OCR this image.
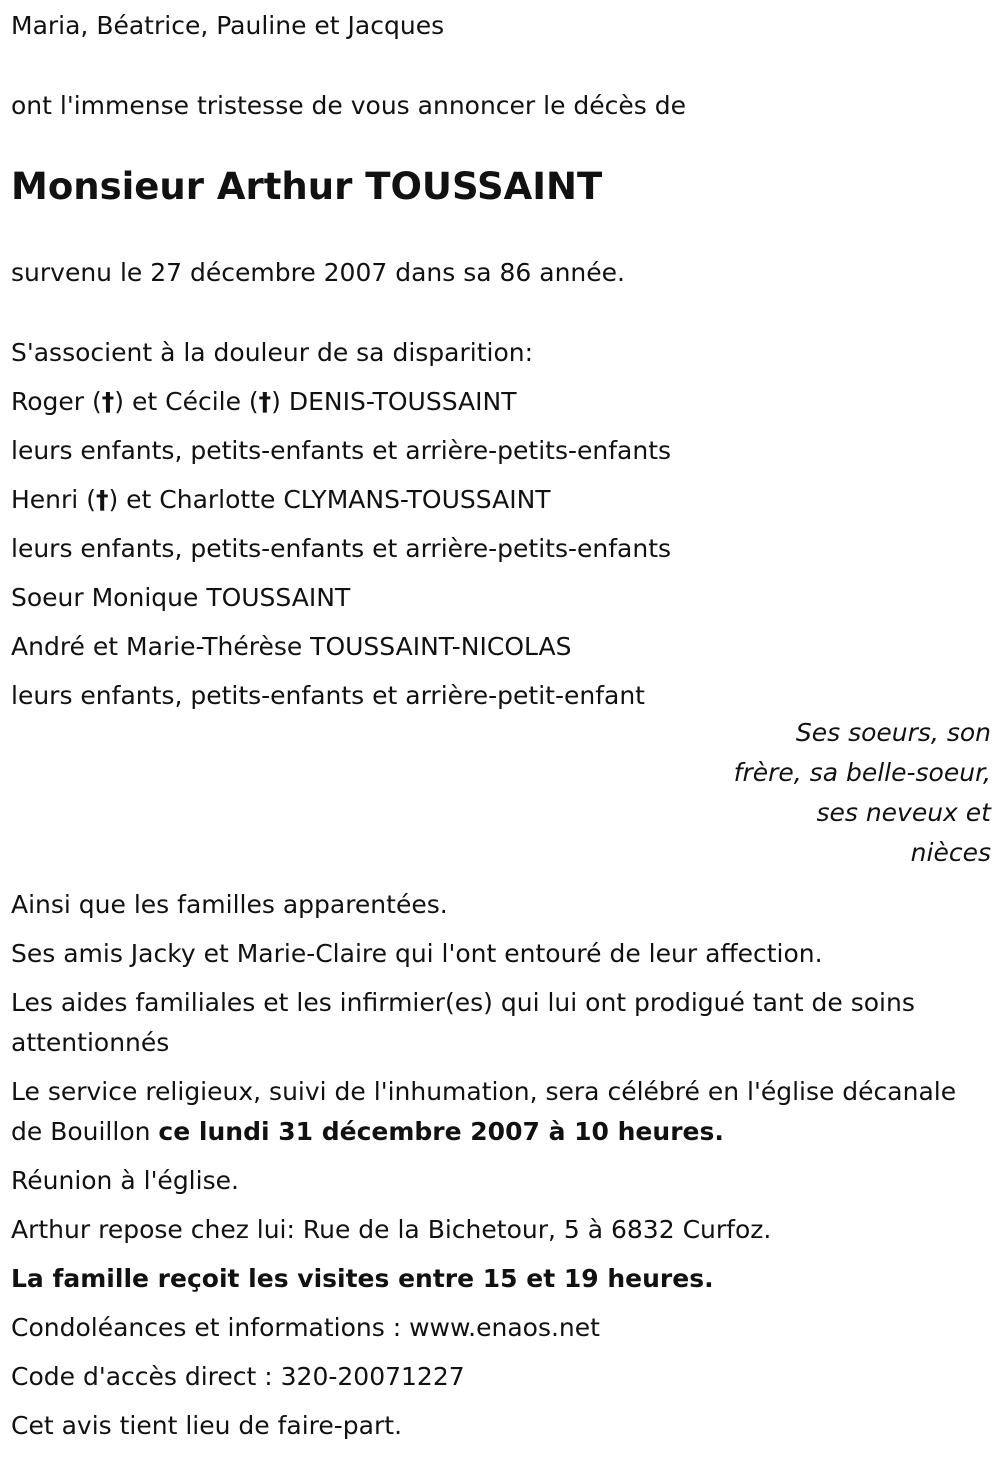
Maria, Béatrice, Pauline et Jacques

ont l'immense tristesse de vous annoncer le décès de

Monsieur Arthur TOUSSAINT

survenu le 27 décembre 2007 dans sa 86 année.

S'associent à la douleur de sa disparition:

Roger (†) et Cécile (†) DENIS-TOUSSAINT

leurs enfants, petits-enfants et arrière-petits-enfants

Henri (†) et Charlotte CLYMANS-TOUSSAINT

leurs enfants, petits-enfants et arrière-petits-enfants

Soeur Monique TOUSSAINT

André et Marie-Thérèse TOUSSAINT-NICOLAS

leurs enfants, petits-enfants et arrière-petit-enfant

Ses soeurs, son frère, sa belle-soeur, ses neveux et nièces

Ainsi que les familles apparentées.

Ses amis Jacky et Marie-Claire qui l'ont entouré de leur affection.

Les aides familiales et les infirmier(es) qui lui ont prodigué tant de soins attentionnés

Le service religieux, suivi de l'inhumation, sera célébré en l'église décanale de Bouillon ce lundi 31 décembre 2007 à 10 heures.

Réunion à l'église.

Arthur repose chez lui: Rue de la Bichetour, 5 à 6832 Curfoz.

La famille reçoit les visites entre 15 et 19 heures.

Condoléances et informations : www.enaos.net

Code d'accès direct : 320-20071227

Cet avis tient lieu de faire-part.
